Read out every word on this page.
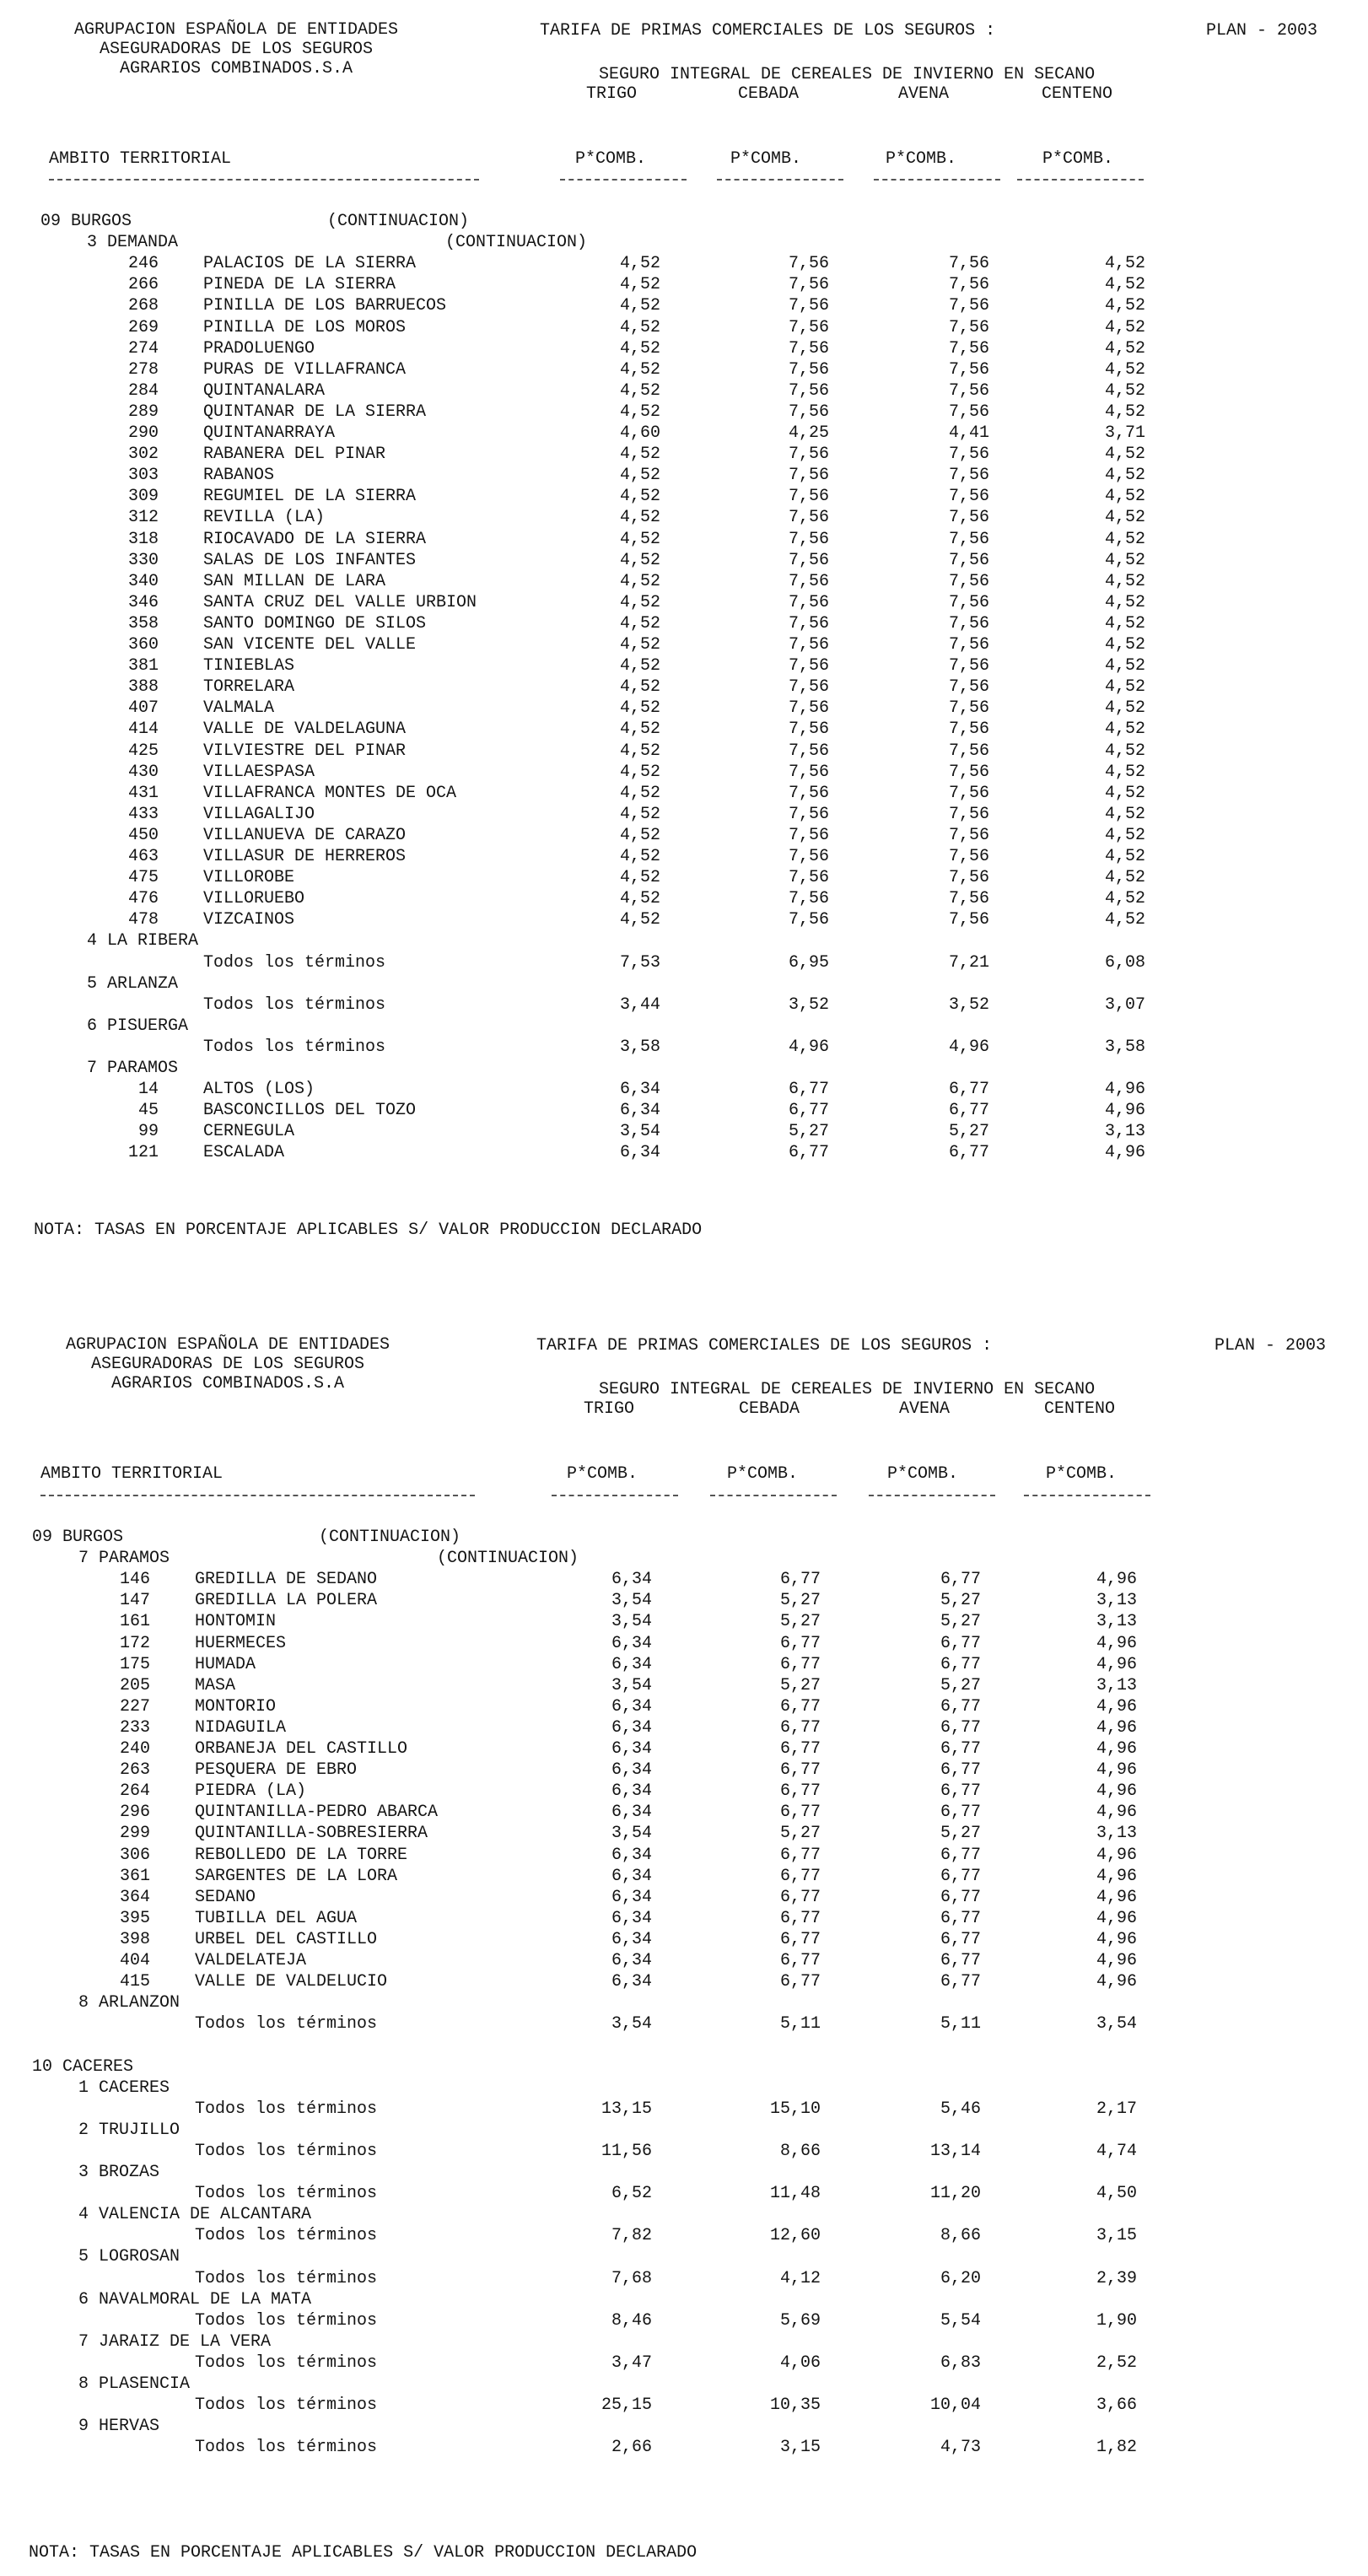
AGRUPACION ESPAÑOLA DE ENTIDADES
ASEGURADORAS DE LOS SEGUROS
AGRARIOS COMBINADOS.S.A
TARIFA DE PRIMAS COMERCIALES DE LOS SEGUROS :	PLAN - 2003
SEGURO INTEGRAL DE CEREALES DE INVIERNO EN SECANO
TRIGO	CEBADA	AVENA	CENTENO
AMBITO TERRITORIAL	P*COMB.	P*COMB.	P*COMB.	P*COMB.
09 BURGOS	(CONTINUACION)
3 DEMANDA	(CONTINUACION)
246	PALACIOS DE LA SIERRA	4,52	7,56	7,56	4,52
266	PINEDA DE LA SIERRA	4,52	7,56	7,56	4,52
268	PINILLA DE LOS BARRUECOS	4,52	7,56	7,56	4,52
269	PINILLA DE LOS MOROS	4,52	7,56	7,56	4,52
274	PRADOLUENGO	4,52	7,56	7,56	4,52
278	PURAS DE VILLAFRANCA	4,52	7,56	7,56	4,52
284	QUINTANALARA	4,52	7,56	7,56	4,52
289	QUINTANAR DE LA SIERRA	4,52	7,56	7,56	4,52
290	QUINTANARRAYA	4,60	4,25	4,41	3,71
302	RABANERA DEL PINAR	4,52	7,56	7,56	4,52
303	RABANOS	4,52	7,56	7,56	4,52
309	REGUMIEL DE LA SIERRA	4,52	7,56	7,56	4,52
312	REVILLA (LA)	4,52	7,56	7,56	4,52
318	RIOCAVADO DE LA SIERRA	4,52	7,56	7,56	4,52
330	SALAS DE LOS INFANTES	4,52	7,56	7,56	4,52
340	SAN MILLAN DE LARA	4,52	7,56	7,56	4,52
346	SANTA CRUZ DEL VALLE URBION	4,52	7,56	7,56	4,52
358	SANTO DOMINGO DE SILOS	4,52	7,56	7,56	4,52
360	SAN VICENTE DEL VALLE	4,52	7,56	7,56	4,52
381	TINIEBLAS	4,52	7,56	7,56	4,52
388	TORRELARA	4,52	7,56	7,56	4,52
407	VALMALA	4,52	7,56	7,56	4,52
414	VALLE DE VALDELAGUNA	4,52	7,56	7,56	4,52
425	VILVIESTRE DEL PINAR	4,52	7,56	7,56	4,52
430	VILLAESPASA	4,52	7,56	7,56	4,52
431	VILLAFRANCA MONTES DE OCA	4,52	7,56	7,56	4,52
433	VILLAGALIJO	4,52	7,56	7,56	4,52
450	VILLANUEVA DE CARAZO	4,52	7,56	7,56	4,52
463	VILLASUR DE HERREROS	4,52	7,56	7,56	4,52
475	VILLOROBE	4,52	7,56	7,56	4,52
476	VILLORUEBO	4,52	7,56	7,56	4,52
478	VIZCAINOS	4,52	7,56	7,56	4,52
4 LA RIBERA
Todos los términos	7,53	6,95	7,21	6,08
5 ARLANZA
Todos los términos	3,44	3,52	3,52	3,07
6 PISUERGA
Todos los términos	3,58	4,96	4,96	3,58
7 PARAMOS
14	ALTOS (LOS)	6,34	6,77	6,77	4,96
45	BASCONCILLOS DEL TOZO	6,34	6,77	6,77	4,96
99	CERNEGULA	3,54	5,27	5,27	3,13
121	ESCALADA	6,34	6,77	6,77	4,96
NOTA: TASAS EN PORCENTAJE APLICABLES S/ VALOR PRODUCCION DECLARADO
AGRUPACION ESPAÑOLA DE ENTIDADES
ASEGURADORAS DE LOS SEGUROS
AGRARIOS COMBINADOS.S.A
TARIFA DE PRIMAS COMERCIALES DE LOS SEGUROS :	PLAN - 2003
SEGURO INTEGRAL DE CEREALES DE INVIERNO EN SECANO
TRIGO	CEBADA	AVENA	CENTENO
AMBITO TERRITORIAL	P*COMB.	P*COMB.	P*COMB.	P*COMB.
09 BURGOS	(CONTINUACION)
7 PARAMOS	(CONTINUACION)
146	GREDILLA DE SEDANO	6,34	6,77	6,77	4,96
147	GREDILLA LA POLERA	3,54	5,27	5,27	3,13
161	HONTOMIN	3,54	5,27	5,27	3,13
172	HUERMECES	6,34	6,77	6,77	4,96
175	HUMADA	6,34	6,77	6,77	4,96
205	MASA	3,54	5,27	5,27	3,13
227	MONTORIO	6,34	6,77	6,77	4,96
233	NIDAGUILA	6,34	6,77	6,77	4,96
240	ORBANEJA DEL CASTILLO	6,34	6,77	6,77	4,96
263	PESQUERA DE EBRO	6,34	6,77	6,77	4,96
264	PIEDRA (LA)	6,34	6,77	6,77	4,96
296	QUINTANILLA-PEDRO ABARCA	6,34	6,77	6,77	4,96
299	QUINTANILLA-SOBRESIERRA	3,54	5,27	5,27	3,13
306	REBOLLEDO DE LA TORRE	6,34	6,77	6,77	4,96
361	SARGENTES DE LA LORA	6,34	6,77	6,77	4,96
364	SEDANO	6,34	6,77	6,77	4,96
395	TUBILLA DEL AGUA	6,34	6,77	6,77	4,96
398	URBEL DEL CASTILLO	6,34	6,77	6,77	4,96
404	VALDELATEJA	6,34	6,77	6,77	4,96
415	VALLE DE VALDELUCIO	6,34	6,77	6,77	4,96
8 ARLANZON
Todos los términos	3,54	5,11	5,11	3,54
10 CACERES
1 CACERES
Todos los términos	13,15	15,10	5,46	2,17
2 TRUJILLO
Todos los términos	11,56	8,66	13,14	4,74
3 BROZAS
Todos los términos	6,52	11,48	11,20	4,50
4 VALENCIA DE ALCANTARA
Todos los términos	7,82	12,60	8,66	3,15
5 LOGROSAN
Todos los términos	7,68	4,12	6,20	2,39
6 NAVALMORAL DE LA MATA
Todos los términos	8,46	5,69	5,54	1,90
7 JARAIZ DE LA VERA
Todos los términos	3,47	4,06	6,83	2,52
8 PLASENCIA
Todos los términos	25,15	10,35	10,04	3,66
9 HERVAS
Todos los términos	2,66	3,15	4,73	1,82
NOTA: TASAS EN PORCENTAJE APLICABLES S/ VALOR PRODUCCION DECLARADO
